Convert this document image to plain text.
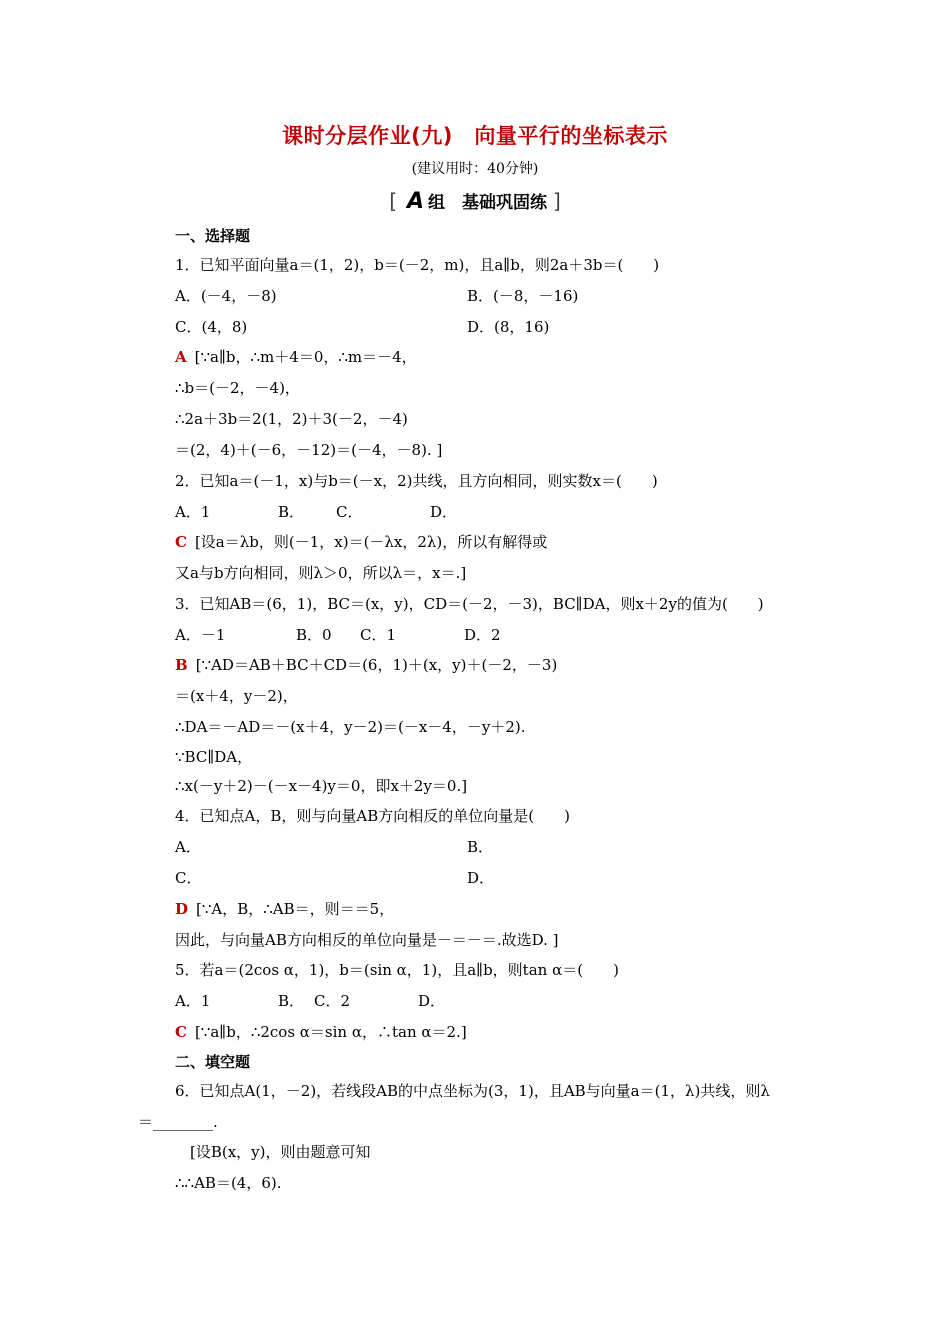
课时分层作业(九)　向量平行的坐标表示
(建议用时：40分钟)
[ A 组　基础巩固练 ]
一、选择题
1．已知平面向量a＝(1，2)，b＝(－2，m)，且a∥b，则2a＋3b＝(　　)
A．(－4，－8)	B．(－8，－16)
C．(4，8)	D．(8，16)
A [∵a∥b，∴m＋4＝0，∴m＝－4，
∴b＝(－2，－4)，
∴2a＋3b＝2(1，2)＋3(－2，－4)
＝(2，4)＋(－6，－12)＝(－4，－8). ]
2．已知a＝(－1，x)与b＝(－x，2)共线，且方向相同，则实数x＝(　　)
A．1	B． C．	D．
C [设a＝λb，则(－1，x)＝(－λx，2λ)，所以有解得或
又a与b方向相同，则λ＞0，所以λ＝，x＝.]
3．已知AB＝(6，1)，BC＝(x，y)，CD＝(－2，－3)，BC∥DA，则x＋2y的值为(　　)
A．－1	B．0 C．1	D．2
B [∵AD＝AB＋BC＋CD＝(6，1)＋(x，y)＋(－2，－3)
＝(x＋4，y－2)，
∴DA＝－AD＝－(x＋4，y－2)＝(－x－4，－y＋2).
∵BC∥DA，
∴x(－y＋2)－(－x－4)y＝0，即x＋2y＝0.]
4．已知点A，B，则与向量AB方向相反的单位向量是(　　)
A．	B．
C．	D．
D [∵A，B，∴AB＝，则＝＝5，
因此，与向量AB方向相反的单位向量是－＝－＝.故选D. ]
5．若a＝(2cos α，1)，b＝(sin α，1)，且a∥b，则tan α＝(　　)
A．1	B． C．2	D．
C [∵a∥b，∴2cos α＝sin α，∴tan α＝2.]
二、填空题
6．已知点A(1，－2)，若线段AB的中点坐标为(3，1)，且AB与向量a＝(1，λ)共线，则λ
＝________.
[设B(x，y)，则由题意可知
∴∴AB＝(4，6).
